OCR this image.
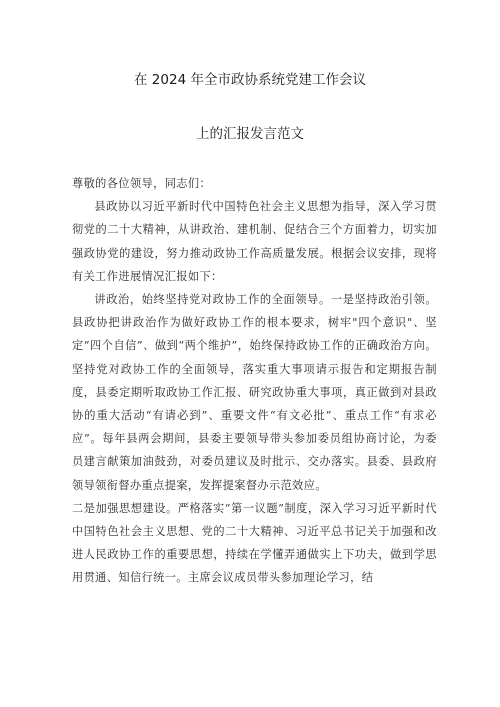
在 2024 年全市政协系统党建工作会议
上的汇报发言范文

尊敬的各位领导，同志们：

县政协以习近平新时代中国特色社会主义思想为指导，深入学习贯彻党的二十大精神，从讲政治、建机制、促结合三个方面着力，切实加强政协党的建设，努力推动政协工作高质量发展。根据会议安排，现将有关工作进展情况汇报如下：

讲政治，始终坚持党对政协工作的全面领导。一是坚持政治引领。县政协把讲政治作为做好政协工作的根本要求，树牢"四个意识"、坚定“四个自信”、做到“两个维护”，始终保持政协工作的正确政治方向。坚持党对政协工作的全面领导，落实重大事项请示报告和定期报告制度，县委定期听取政协工作汇报、研究政协重大事项，真正做到对县政协的重大活动“有请必到”、重要文件“有文必批”、重点工作“有求必应”。每年县两会期间，县委主要领导带头参加委员组协商讨论，为委员建言献策加油鼓劲，对委员建议及时批示、交办落实。县委、县政府领导领衔督办重点提案，发挥提案督办示范效应。

二是加强思想建设。严格落实“第一议题”制度，深入学习习近平新时代中国特色社会主义思想、党的二十大精神、习近平总书记关于加强和改进人民政协工作的重要思想，持续在学懂弄通做实上下功夫，做到学思用贯通、知信行统一。主席会议成员带头参加理论学习，结
